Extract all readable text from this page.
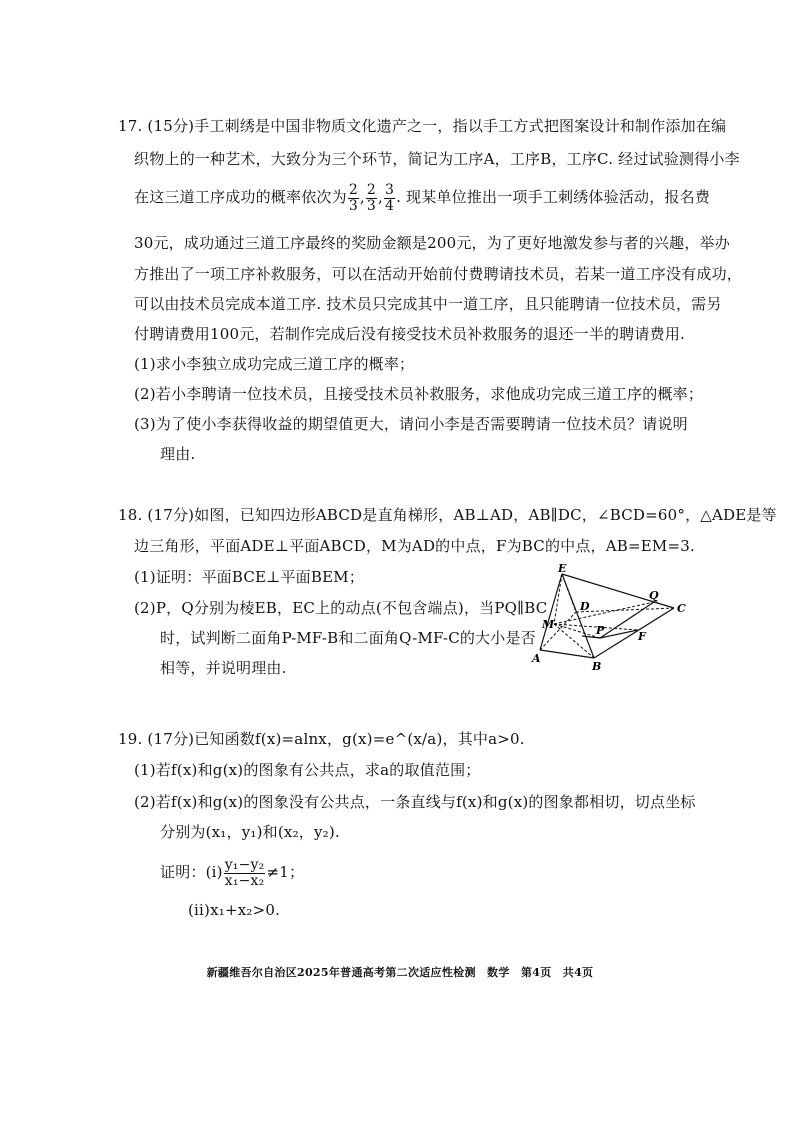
17. (15分)手工刺绣是中国非物质文化遗产之一，指以手工方式把图案设计和制作添加在编
织物上的一种艺术，大致分为三个环节，简记为工序A，工序B，工序C. 经过试验测得小李
在这三道工序成功的概率依次为 $\frac{2}{3}$ , $\frac{2}{3}$ , $\frac{3}{4}$ . 现某单位推出一项手工刺绣体验活动，报名费
30元，成功通过三道工序最终的奖励金额是200元，为了更好地激发参与者的兴趣，举办
方推出了一项工序补救服务，可以在活动开始前付费聘请技术员，若某一道工序没有成功，
可以由技术员完成本道工序. 技术员只完成其中一道工序，且只能聘请一位技术员，需另
付聘请费用100元，若制作完成后没有接受技术员补救服务的退还一半的聘请费用.
(1)求小李独立成功完成三道工序的概率；
(2)若小李聘请一位技术员，且接受技术员补救服务，求他成功完成三道工序的概率；
(3)为了使小李获得收益的期望值更大，请问小李是否需要聘请一位技术员？请说明
理由.
18. (17分)如图，已知四边形ABCD是直角梯形，AB⊥AD，AB∥DC，∠BCD=60°，△ADE是等
边三角形，平面ADE⊥平面ABCD，M为AD的中点，F为BC的中点，AB=EM=3.
(1)证明：平面BCE⊥平面BEM；
(2)P，Q分别为棱EB，EC上的动点(不包含端点)，当PQ∥BC
时，试判断二面角P-MF-B和二面角Q-MF-C的大小是否
相等，并说明理由.
E
D
Q
C
M	P	F
A
B
19. (17分)已知函数f(x)=alnx，g(x)=e^(x/a)，其中a>0.
(1)若f(x)和g(x)的图象有公共点，求a的取值范围；
(2)若f(x)和g(x)的图象没有公共点，一条直线与f(x)和g(x)的图象都相切，切点坐标
分别为(x₁，y₁)和(x₂，y₂).
证明：$(i) \frac{\text{y₁−y₂}}{\text{x₁−x₂}} \ne 1$；
(ii)x₁+x₂>0.
新疆维吾尔自治区2025年普通高考第二次适应性检测　数学　第4页　共4页
